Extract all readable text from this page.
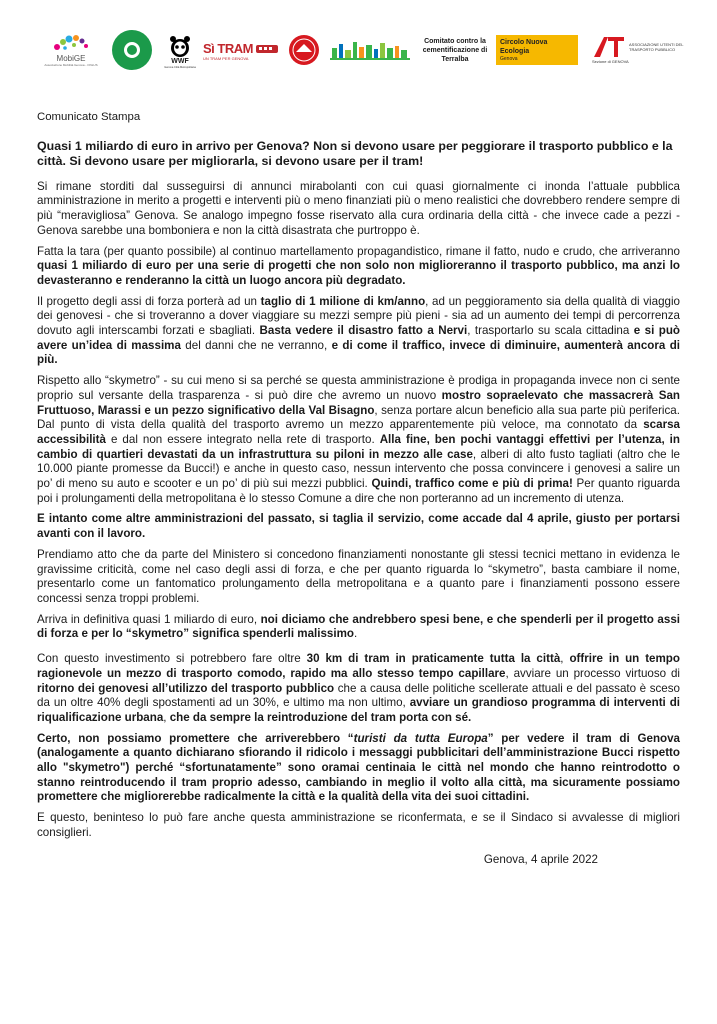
MobiGE
Associazione Mobilità Genova - ONLUS
WWF
Genova Città Metropolitana
Sì TRAM
UN TRAM PER GENOVA
Comitato contro la cementificazione di Terralba
Circolo Nuova Ecologia
Genova
ASSOCIAZIONE UTENTI DEL TRASPORTO PUBBLICO
Sezione di GENOVA

Comunicato Stampa

Quasi 1 miliardo di euro in arrivo per Genova? Non si devono usare per peggiorare il trasporto pubblico e la città. Si devono usare per migliorarla, si devono usare per il tram!

Si rimane storditi dal susseguirsi di annunci mirabolanti con cui quasi giornalmente ci inonda l’attuale pubblica amministrazione in merito a progetti e interventi più o meno finanziati più o meno realistici che dovrebbero rendere sempre di più “meravigliosa” Genova. Se analogo impegno fosse riservato alla cura ordinaria della città - che invece cade a pezzi - Genova sarebbe una bomboniera e non la città disastrata che purtroppo è.

Fatta la tara (per quanto possibile) al continuo martellamento propagandistico, rimane il fatto, nudo e crudo, che arriveranno quasi 1 miliardo di euro per una serie di progetti che non solo non miglioreranno il trasporto pubblico, ma anzi lo devasteranno e renderanno la città un luogo ancora più degradato.

Il progetto degli assi di forza porterà ad un taglio di 1 milione di km/anno, ad un peggioramento sia della qualità di viaggio dei genovesi - che si troveranno a dover viaggiare su mezzi sempre più pieni - sia ad un aumento dei tempi di percorrenza dovuto agli interscambi forzati e sbagliati. Basta vedere il disastro fatto a Nervi, trasportarlo su scala cittadina e si può avere un’idea di massima del danni che ne verranno, e di come il traffico, invece di diminuire, aumenterà ancora di più.

Rispetto allo “skymetro” - su cui meno si sa perché se questa amministrazione è prodiga in propaganda invece non ci sente proprio sul versante della trasparenza - si può dire che avremo un nuovo mostro sopraelevato che massacrerà San Fruttuoso, Marassi e un pezzo significativo della Val Bisagno, senza portare alcun beneficio alla sua parte più periferica. Dal punto di vista della qualità del trasporto avremo un mezzo apparentemente più veloce, ma connotato da scarsa accessibilità e dal non essere integrato nella rete di trasporto. Alla fine, ben pochi vantaggi effettivi per l’utenza, in cambio di quartieri devastati da un infrastruttura su piloni in mezzo alle case, alberi di alto fusto tagliati (altro che le 10.000 piante promesse da Bucci!) e anche in questo caso, nessun intervento che possa convincere i genovesi a salire un po’ di meno su auto e scooter e un po’ di più sui mezzi pubblici. Quindi, traffico come e più di prima! Per quanto riguarda poi i prolungamenti della metropolitana è lo stesso Comune a dire che non porteranno ad un incremento di utenza.

E intanto come altre amministrazioni del passato, si taglia il servizio, come accade dal 4 aprile, giusto per portarsi avanti con il lavoro.

Prendiamo atto che da parte del Ministero si concedono finanziamenti nonostante gli stessi tecnici mettano in evidenza le gravissime criticità, come nel caso degli assi di forza, e che per quanto riguarda lo “skymetro”, basta cambiare il nome, presentarlo come un fantomatico prolungamento della metropolitana e a quanto pare i finanziamenti possono essere concessi senza troppi problemi.

Arriva in definitiva quasi 1 miliardo di euro, noi diciamo che andrebbero spesi bene, e che spenderli per il progetto assi di forza e per lo “skymetro” significa spenderli malissimo.

Con questo investimento si potrebbero fare oltre 30 km di tram in praticamente tutta la città, offrire in un tempo ragionevole un mezzo di trasporto comodo, rapido ma allo stesso tempo capillare, avviare un processo virtuoso di ritorno dei genovesi all’utilizzo del trasporto pubblico che a causa delle politiche scellerate attuali e del passato è sceso da un oltre 40% degli spostamenti ad un 30%, e ultimo ma non ultimo, avviare un grandioso programma di interventi di riqualificazione urbana, che da sempre la reintroduzione del tram porta con sé.

Certo, non possiamo promettere che arriverebbero “turisti da tutta Europa” per vedere il tram di Genova (analogamente a quanto dichiarano sfiorando il ridicolo i messaggi pubblicitari dell’amministrazione Bucci rispetto allo "skymetro") perché “sfortunatamente” sono oramai centinaia le città nel mondo che hanno reintrodotto o stanno reintroducendo il tram proprio adesso, cambiando in meglio il volto alla città, ma sicuramente possiamo promettere che migliorerebbe radicalmente la città e la qualità della vita dei suoi cittadini.

E questo, beninteso lo può fare anche questa amministrazione se riconfermata, e se il Sindaco si avvalesse di migliori consiglieri.

Genova, 4 aprile 2022
